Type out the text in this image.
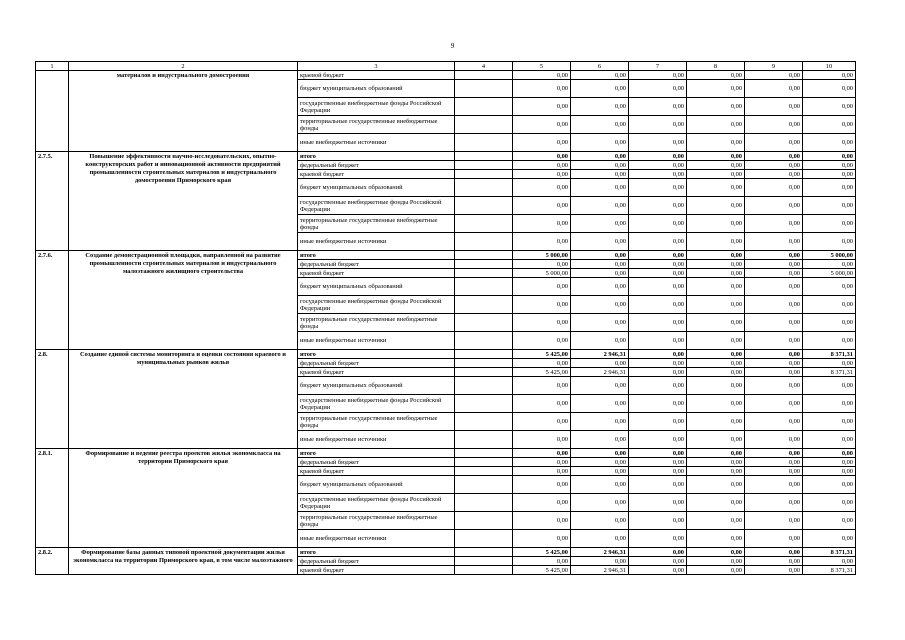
9
1	2	3	4	5	6	7	8	9	10
	материалов и индустриального домостроения	краевой бюджет		0,00	0,00	0,00	0,00	0,00	0,00
		бюджет муниципальных образований		0,00	0,00	0,00	0,00	0,00	0,00
		государственные внебюджетные фонды Российской Федерации		0,00	0,00	0,00	0,00	0,00	0,00
		территориальные государственные внебюджетные фонды		0,00	0,00	0,00	0,00	0,00	0,00
		иные внебюджетные источники		0,00	0,00	0,00	0,00	0,00	0,00
2.7.5.	Повышение эффективности научно-исследовательских, опытно-конструкторских работ и инновационной активности предприятий промышленности строительных материалов и индустриального домостроения Приморского края	итого		0,00	0,00	0,00	0,00	0,00	0,00
		федеральный бюджет		0,00	0,00	0,00	0,00	0,00	0,00
		краевой бюджет		0,00	0,00	0,00	0,00	0,00	0,00
		бюджет муниципальных образований		0,00	0,00	0,00	0,00	0,00	0,00
		государственные внебюджетные фонды Российской Федерации		0,00	0,00	0,00	0,00	0,00	0,00
		территориальные государственные внебюджетные фонды		0,00	0,00	0,00	0,00	0,00	0,00
		иные внебюджетные источники		0,00	0,00	0,00	0,00	0,00	0,00
2.7.6.	Создание демонстрационной площадки, направленной на развитие промышленности строительных материалов и индустриального малоэтажного жилищного строительства	итого		5 000,00	0,00	0,00	0,00	0,00	5 000,00
		федеральный бюджет		0,00	0,00	0,00	0,00	0,00	0,00
		краевой бюджет		5 000,00	0,00	0,00	0,00	0,00	5 000,00
		бюджет муниципальных образований		0,00	0,00	0,00	0,00	0,00	0,00
		государственные внебюджетные фонды Российской Федерации		0,00	0,00	0,00	0,00	0,00	0,00
		территориальные государственные внебюджетные фонды		0,00	0,00	0,00	0,00	0,00	0,00
		иные внебюджетные источники		0,00	0,00	0,00	0,00	0,00	0,00
2.8.	Создание единой системы мониторинга и оценки состояния краевого и муниципальных рынков жилья	итого		5 425,00	2 946,31	0,00	0,00	0,00	8 371,31
		федеральный бюджет		0,00	0,00	0,00	0,00	0,00	0,00
		краевой бюджет		5 425,00	2 946,31	0,00	0,00	0,00	8 371,31
		бюджет муниципальных образований		0,00	0,00	0,00	0,00	0,00	0,00
		государственные внебюджетные фонды Российской Федерации		0,00	0,00	0,00	0,00	0,00	0,00
		территориальные государственные внебюджетные фонды		0,00	0,00	0,00	0,00	0,00	0,00
		иные внебюджетные источники		0,00	0,00	0,00	0,00	0,00	0,00
2.8.1.	Формирование и ведение реестра проектов жилья экономкласса на территории Приморского края	итого		0,00	0,00	0,00	0,00	0,00	0,00
		федеральный бюджет		0,00	0,00	0,00	0,00	0,00	0,00
		краевой бюджет		0,00	0,00	0,00	0,00	0,00	0,00
		бюджет муниципальных образований		0,00	0,00	0,00	0,00	0,00	0,00
		государственные внебюджетные фонды Российской Федерации		0,00	0,00	0,00	0,00	0,00	0,00
		территориальные государственные внебюджетные фонды		0,00	0,00	0,00	0,00	0,00	0,00
		иные внебюджетные источники		0,00	0,00	0,00	0,00	0,00	0,00
2.8.2.	Формирование базы данных типовой проектной документации жилья экономкласса на территории Приморского края, в том числе малоэтажного	итого		5 425,00	2 946,31	0,00	0,00	0,00	8 371,31
		федеральный бюджет		0,00	0,00	0,00	0,00	0,00	0,00
		краевой бюджет		5 425,00	2 946,31	0,00	0,00	0,00	8 371,31
